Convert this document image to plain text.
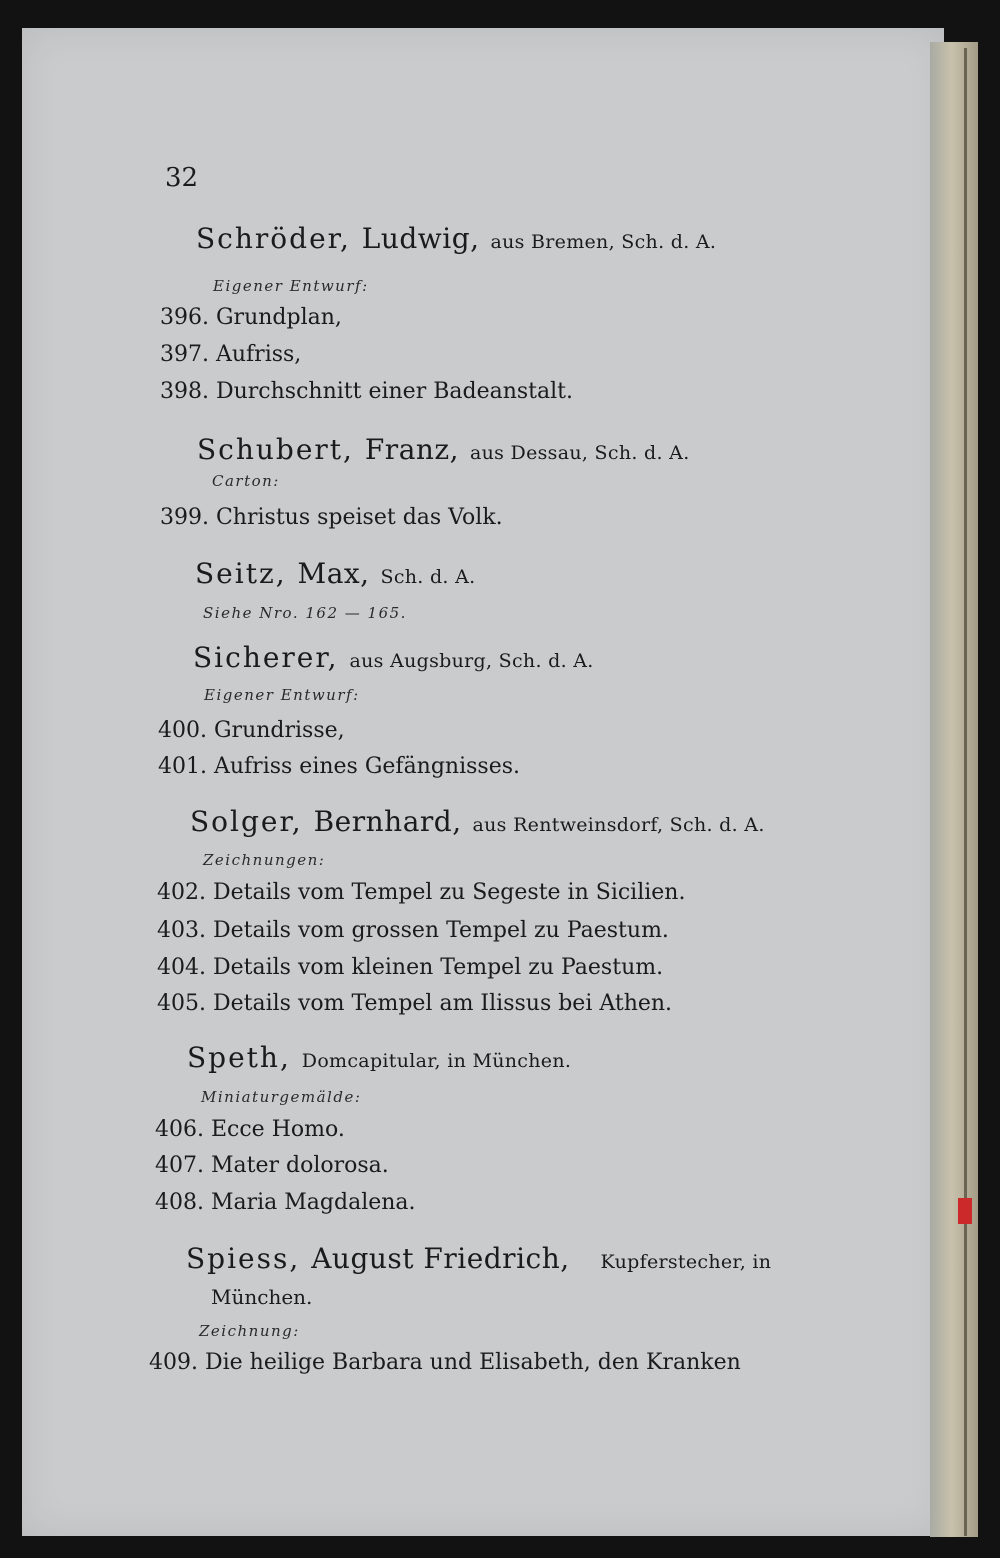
32
Schröder, Ludwig, aus Bremen, Sch. d. A.
Eigener Entwurf:
396. Grundplan,
397. Aufriss,
398. Durchschnitt einer Badeanstalt.
Schubert, Franz, aus Dessau, Sch. d. A.
Carton:
399. Christus speiset das Volk.
Seitz, Max, Sch. d. A.
Siehe Nro. 162 — 165.
Sicherer, aus Augsburg, Sch. d. A.
Eigener Entwurf:
400. Grundrisse,
401. Aufriss eines Gefängnisses.
Solger, Bernhard, aus Rentweinsdorf, Sch. d. A.
Zeichnungen:
402. Details vom Tempel zu Segeste in Sicilien.
403. Details vom grossen Tempel zu Paestum.
404. Details vom kleinen Tempel zu Paestum.
405. Details vom Tempel am Ilissus bei Athen.
Speth, Domcapitular, in München.
Miniaturgemälde:
406. Ecce Homo.
407. Mater dolorosa.
408. Maria Magdalena.
Spiess, August Friedrich, Kupferstecher, in
München.
Zeichnung:
409. Die heilige Barbara und Elisabeth, den Kranken
